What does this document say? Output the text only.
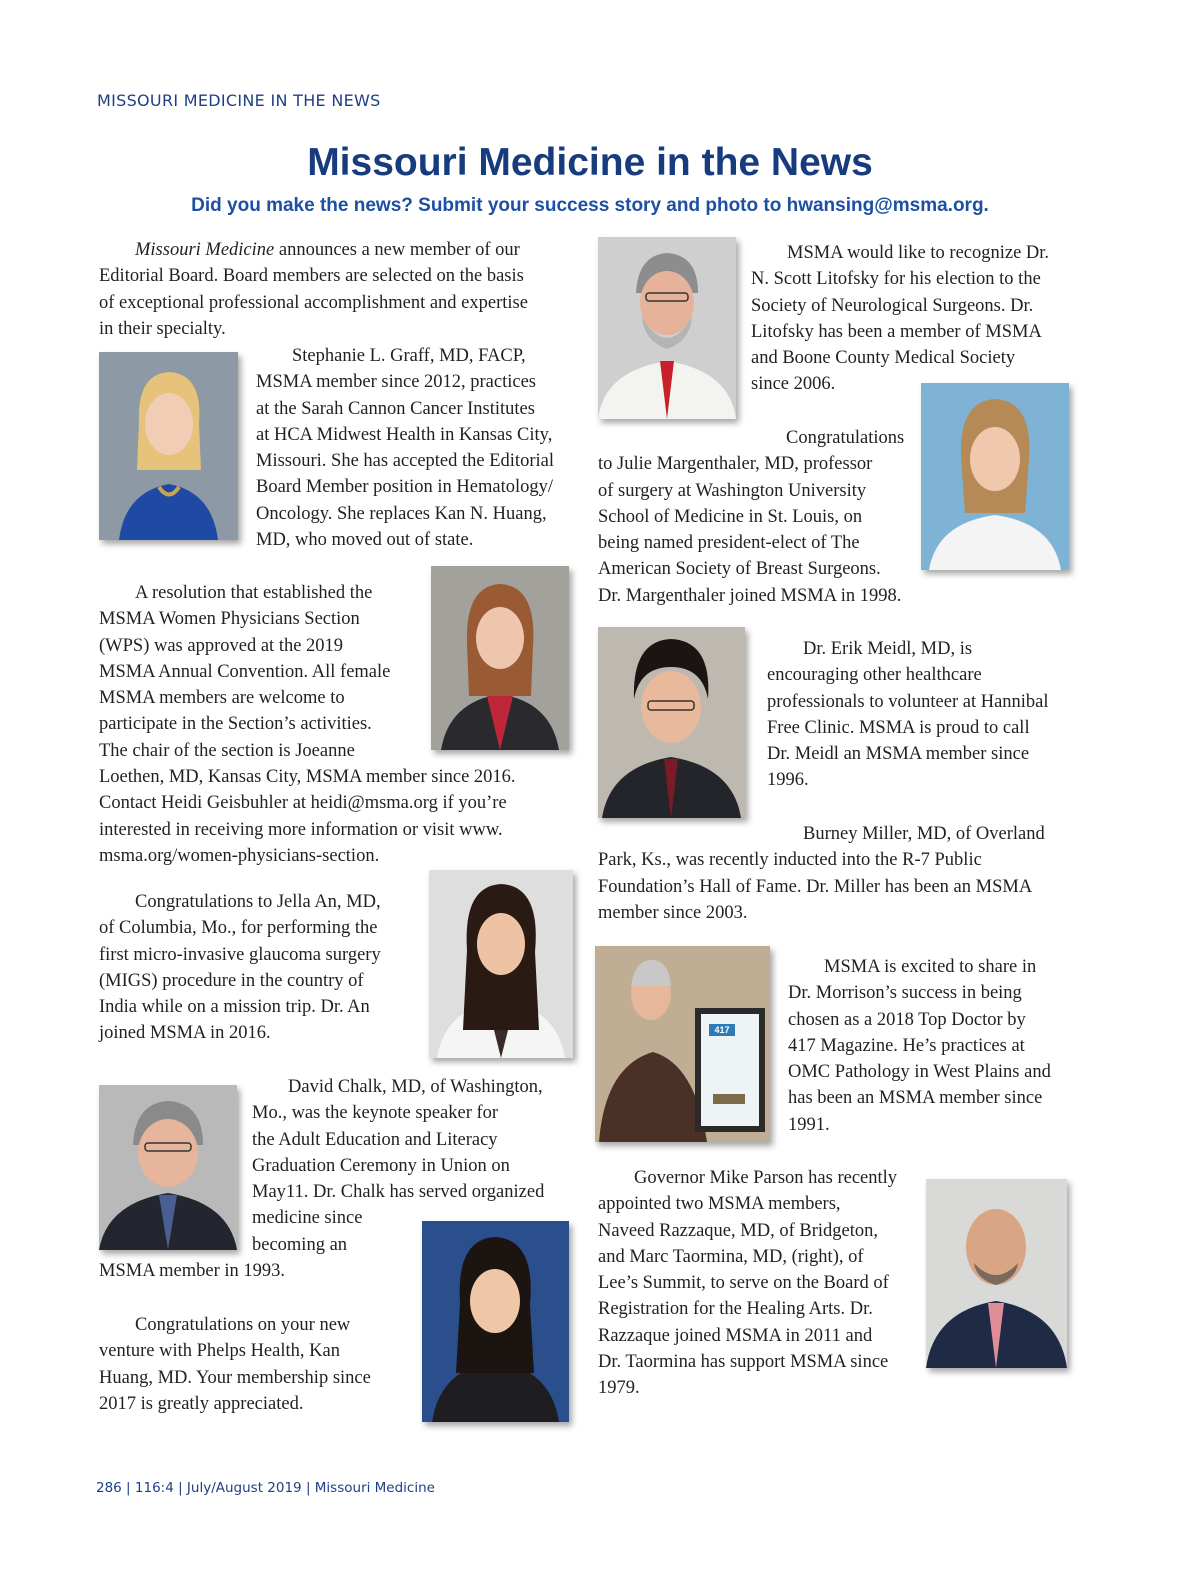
MISSOURI MEDICINE IN THE NEWS
Missouri Medicine in the News

Did you make the news? Submit your success story and photo to hwansing@msma.org.

Missouri Medicine announces a new member of our
Editorial Board. Board members are selected on the basis
of exceptional professional accomplishment and expertise
in their specialty.

Stephanie L. Graff, MD, FACP,
MSMA member since 2012, practices
at the Sarah Cannon Cancer Institutes
at HCA Midwest Health in Kansas City,
Missouri. She has accepted the Editorial
Board Member position in Hematology/
Oncology. She replaces Kan N. Huang,
MD, who moved out of state.

A resolution that established the
MSMA Women Physicians Section
(WPS) was approved at the 2019
MSMA Annual Convention. All female
MSMA members are welcome to
participate in the Section’s activities.
The chair of the section is Joeanne
Loethen, MD, Kansas City, MSMA member since 2016.
Contact Heidi Geisbuhler at heidi@msma.org if you’re
interested in receiving more information or visit www.
msma.org/women-physicians-section.

Congratulations to Jella An, MD,
of Columbia, Mo., for performing the
first micro-invasive glaucoma surgery
(MIGS) procedure in the country of
India while on a mission trip. Dr. An
joined MSMA in 2016.

David Chalk, MD, of Washington,
Mo., was the keynote speaker for
the Adult Education and Literacy
Graduation Ceremony in Union on
May11. Dr. Chalk has served organized
medicine since
becoming an

MSMA member in 1993.

Congratulations on your new
venture with Phelps Health, Kan
Huang, MD. Your membership since
2017 is greatly appreciated.

MSMA would like to recognize Dr.
N. Scott Litofsky for his election to the
Society of Neurological Surgeons. Dr.
Litofsky has been a member of MSMA
and Boone County Medical Society
since 2006.

Congratulations
to Julie Margenthaler, MD, professor
of surgery at Washington University
School of Medicine in St. Louis, on
being named president-elect of The
American Society of Breast Surgeons.
Dr. Margenthaler joined MSMA in 1998.

Dr. Erik Meidl, MD, is
encouraging other healthcare
professionals to volunteer at Hannibal
Free Clinic. MSMA is proud to call
Dr. Meidl an MSMA member since
1996.

Burney Miller, MD, of Overland
Park, Ks., was recently inducted into the R-7 Public
Foundation’s Hall of Fame. Dr. Miller has been an MSMA
member since 2003.

417

MSMA is excited to share in
Dr. Morrison’s success in being
chosen as a 2018 Top Doctor by
417 Magazine. He’s practices at
OMC Pathology in West Plains and
has been an MSMA member since
1991.

Governor Mike Parson has recently
appointed two MSMA members,
Naveed Razzaque, MD, of Bridgeton,
and Marc Taormina, MD, (right), of
Lee’s Summit, to serve on the Board of
Registration for the Healing Arts. Dr.
Razzaque joined MSMA in 2011 and
Dr. Taormina has support MSMA since
1979.

286 | 116:4 | July/August 2019 | Missouri Medicine
